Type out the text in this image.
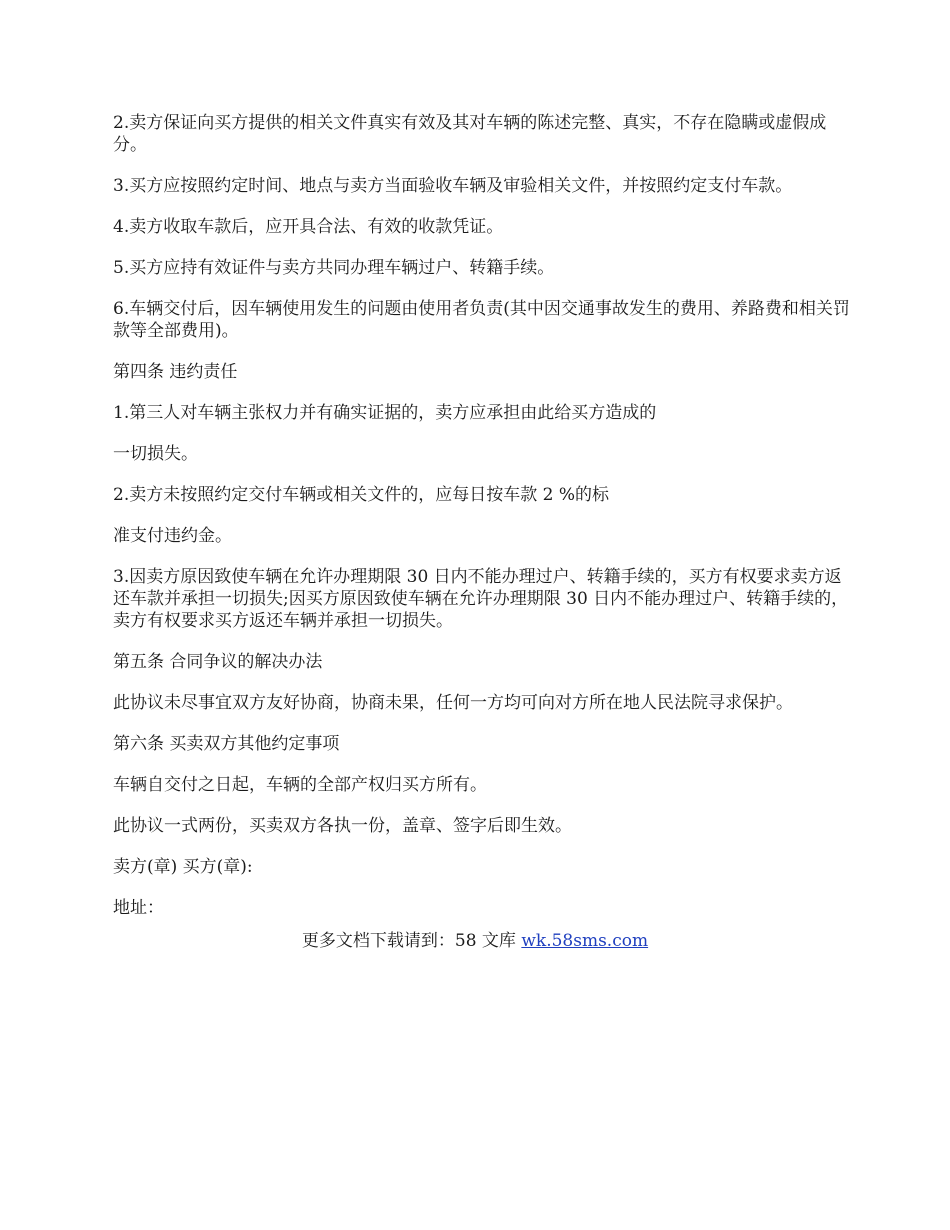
2.卖方保证向买方提供的相关文件真实有效及其对车辆的陈述完整、真实，不存在隐瞒或虚假成分。

3.买方应按照约定时间、地点与卖方当面验收车辆及审验相关文件，并按照约定支付车款。

4.卖方收取车款后，应开具合法、有效的收款凭证。

5.买方应持有效证件与卖方共同办理车辆过户、转籍手续。

6.车辆交付后，因车辆使用发生的问题由使用者负责(其中因交通事故发生的费用、养路费和相关罚款等全部费用)。

第四条 违约责任

1.第三人对车辆主张权力并有确实证据的，卖方应承担由此给买方造成的

一切损失。

2.卖方未按照约定交付车辆或相关文件的，应每日按车款 2 %的标

准支付违约金。

3.因卖方原因致使车辆在允许办理期限 30 日内不能办理过户、转籍手续的，买方有权要求卖方返还车款并承担一切损失;因买方原因致使车辆在允许办理期限 30 日内不能办理过户、转籍手续的，卖方有权要求买方返还车辆并承担一切损失。

第五条 合同争议的解决办法

此协议未尽事宜双方友好协商，协商未果，任何一方均可向对方所在地人民法院寻求保护。

第六条 买卖双方其他约定事项

车辆自交付之日起，车辆的全部产权归买方所有。

此协议一式两份，买卖双方各执一份，盖章、签字后即生效。

卖方(章) 买方(章):

地址：

更多文档下载请到：58 文库 wk.58sms.com
